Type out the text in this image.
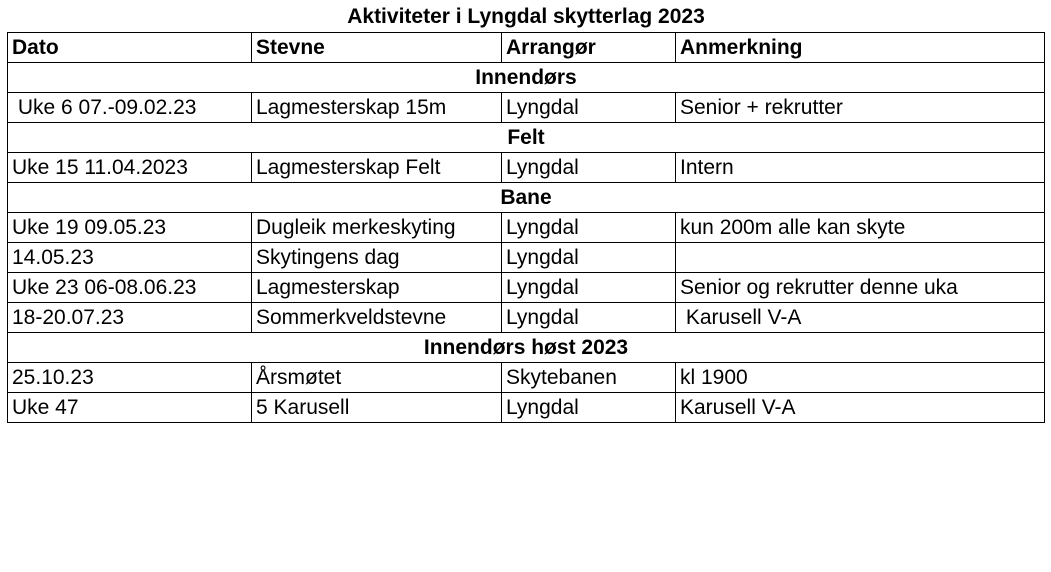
Aktiviteter i Lyngdal skytterlag 2023
Dato	Stevne	Arrangør	Anmerkning
Innendørs			
Uke 6 07.-09.02.23	Lagmesterskap 15m	Lyngdal	Senior + rekrutter
Felt			
Uke 15 11.04.2023	Lagmesterskap Felt	Lyngdal	Intern
Bane			
Uke 19 09.05.23	Dugleik merkeskyting	Lyngdal	kun 200m alle kan skyte
14.05.23	Skytingens dag	Lyngdal	
Uke 23 06-08.06.23	Lagmesterskap	Lyngdal	Senior og rekrutter denne uka
18-20.07.23	Sommerkveldstevne	Lyngdal	Karusell V-A
Innendørs høst 2023			
25.10.23	Årsmøtet	Skytebanen	kl 1900
Uke 47	5 Karusell	Lyngdal	Karusell V-A
